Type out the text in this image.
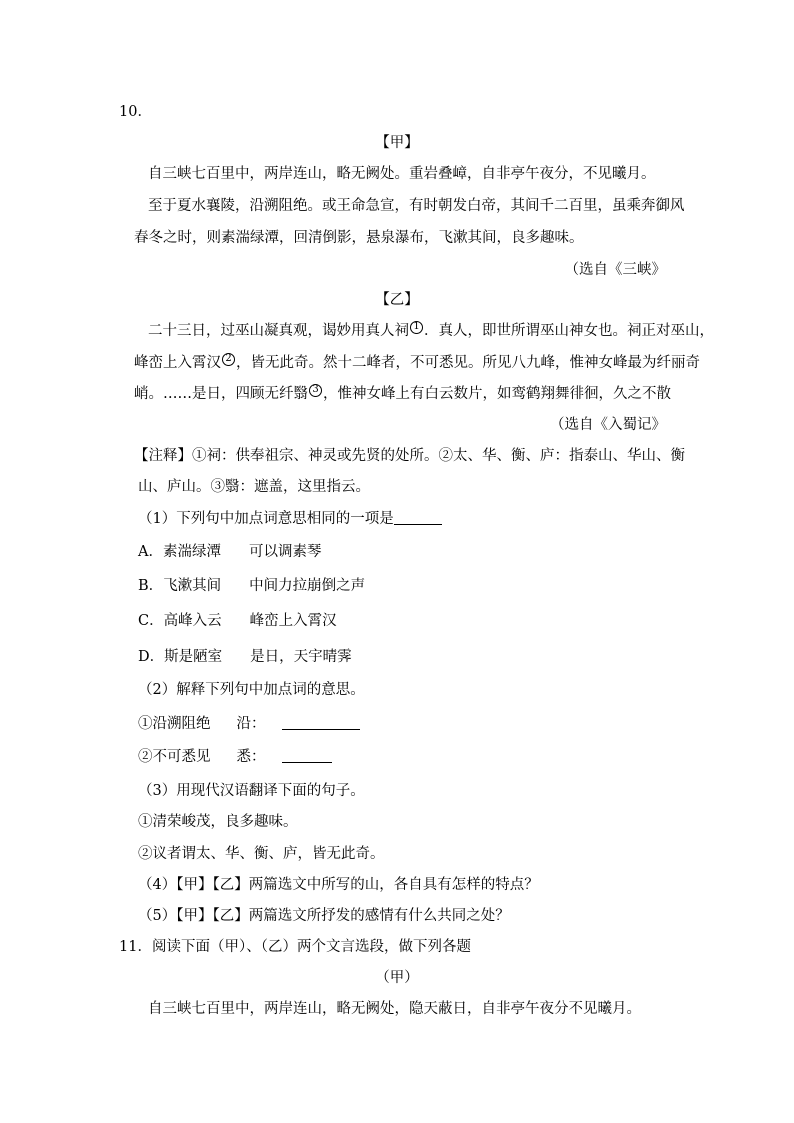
10．
【甲】
自三峡七百里中，两岸连山，略无阙处。重岩叠嶂，自非亭午夜分，不见曦月。
至于夏水襄陵，沿溯阻绝。或王命急宣，有时朝发白帝，其间千二百里，虽乘奔御风
春冬之时，则素湍绿潭，回清倒影，悬泉瀑布，飞漱其间，良多趣味。
（选自《三峡》
【乙】
二十三日，过巫山凝真观，谒妙用真人祠 $^1$ ．真人，即世所谓巫山神女也。祠正对巫山，
峰峦上入霄汉 $^2$ ，皆无此奇。然十二峰者，不可悉见。所见八九峰，惟神女峰最为纤丽奇
峭。……是日，四顾无纤翳 $^3$ ，惟神女峰上有白云数片，如鸾鹤翔舞徘徊，久之不散
（选自《入蜀记》
【注释】①祠：供奉祖宗、神灵或先贤的处所。②太、华、衡、庐：指泰山、华山、衡
山、庐山。③翳：遮盖，这里指云。
（1）下列句中加点词意思相同的一项是
A．素湍绿潭 可以调素琴
B．飞漱其间 中间力拉崩倒之声
C．高峰入云 峰峦上入霄汉
D．斯是陋室 是日，天宇晴霁
（2）解释下列句中加点词的意思。
①沿溯阻绝 沿：
②不可悉见 悉：
（3）用现代汉语翻译下面的句子。
①清荣峻茂，良多趣味。
②议者谓太、华、衡、庐，皆无此奇。
（4）【甲】【乙】两篇选文中所写的山，各自具有怎样的特点？
（5）【甲】【乙】两篇选文所抒发的感情有什么共同之处？
11．阅读下面（甲）、（乙）两个文言选段，做下列各题
（甲）
自三峡七百里中，两岸连山，略无阙处，隐天蔽日，自非亭午夜分不见曦月。
